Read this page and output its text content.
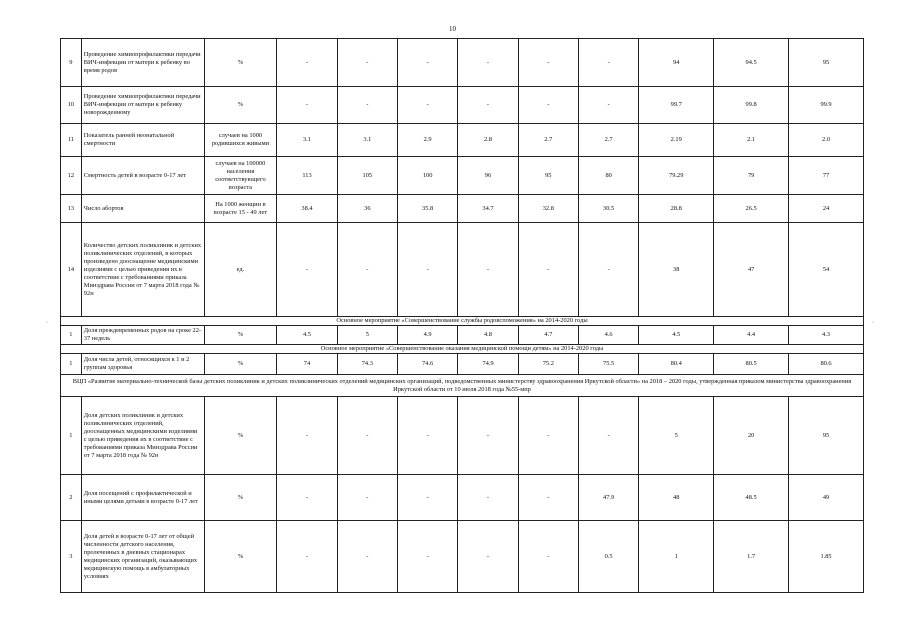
10
9	Проведение химиопрофилактики передачи ВИЧ-инфекции от матери к ребенку во время родов	%	-	-	-	-	-	-	94	94.5	95
10	Проведение химиопрофилактики передачи ВИЧ-инфекции от матери к ребенку новорожденному	%	-	-	-	-	-	-	99.7	99.8	99.9
11	Показатель ранней неонатальной смертности	случаев на 1000 родившихся живыми	3.1	3.1	2.9	2.8	2.7	2.7	2.19	2.1	2.0
12	Смертность детей в возрасте 0-17 лет	случаев на 100000 населения соответствующего возраста	113	105	100	96	95	80	79.29	79	77
13	Число абортов	На 1000 женщин в возрасте 15 - 49 лет	38.4	36	35.8	34.7	32.8	30.5	28.8	26.5	24
14	Количество детских поликлиник и детских поликлинических отделений, в которых произведено дооснащение медицинскими изделиями с целью приведения их в соответствие с требованиями приказа Минздрава России от 7 марта 2018 года № 92н	ед.	-	-	-	-	-	-	38	47	54
Основное мероприятие «Совершенствование службы родовспоможения» на 2014-2020 годы											
1	Доля преждевременных родов на сроке 22-37 недель	%	4.5	5	4.9	4.8	4.7	4.6	4.5	4.4	4.3
Основное мероприятие «Совершенствование оказания медицинской помощи детям» на 2014-2020 годы											
1	Доля числа детей, относящихся к 1 и 2 группам здоровья	%	74	74.3	74.6	74.9	75.2	75.5	80.4	80.5	80.6
ВЦП «Развитие материально-технической базы детских поликлиник и детских поликлинических отделений медицинских организаций, подведомственных министерству здравоохранения Иркутской области» на 2018 – 2020 годы, утвержденная приказом министерства здравоохранения Иркутской области от 10 июля 2018 года №55-мпр											
1	Доля детских поликлиник и детских поликлинических отделений, дооснащенных медицинскими изделиями с целью приведения их в соответствие с требованиями приказа Минздрава России от 7 марта 2018 года № 92н	%	-	-	-	-	-	-	5	20	95
2	Доля посещений с профилактической и иными целями детьми в возрасте 0-17 лет	%	-	-	-	-	-	47.9	48	48.5	49
3	Доля детей в возрасте 0-17 лет от общей численности детского населения, пролеченных в дневных стационарах медицинских организаций, оказывающих медицинскую помощь в амбулаторных условиях	%	-	-	-	-	-	0.5	1	1.7	1.85
·	·
